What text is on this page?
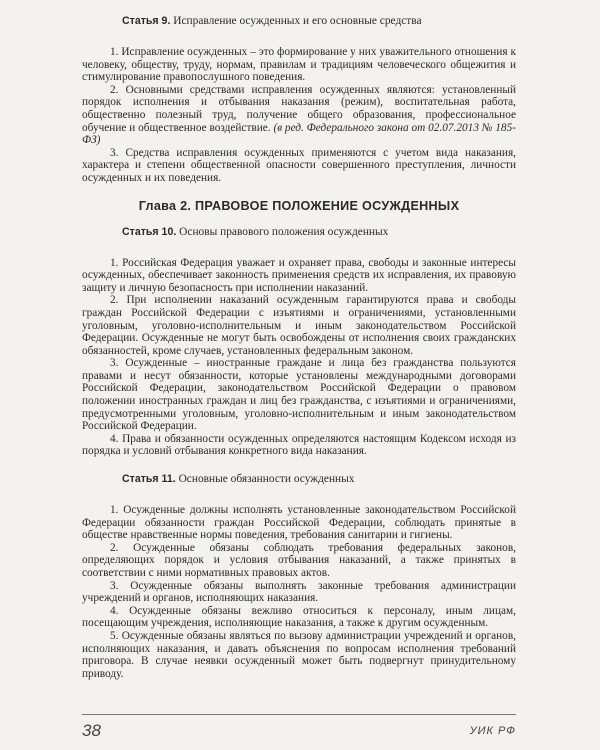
Статья 9. Исправление осужденных и его основные средства

1. Исправление осужденных – это формирование у них уважительного отношения к человеку, обществу, труду, нормам, правилам и традициям человеческого общежития и стимулирование правопослушного поведения.

2. Основными средствами исправления осужденных являются: установленный порядок исполнения и отбывания наказания (режим), воспитательная работа, общественно полезный труд, получение общего образования, профессиональное обучение и общественное воздействие. (в ред. Федерального закона от 02.07.2013 № 185-ФЗ)

3. Средства исправления осужденных применяются с учетом вида наказания, характера и степени общественной опасности совершенного преступления, личности осужденных и их поведения.

Глава 2. ПРАВОВОЕ ПОЛОЖЕНИЕ ОСУЖДЕННЫХ
Статья 10. Основы правового положения осужденных

1. Российская Федерация уважает и охраняет права, свободы и законные интересы осужденных, обеспечивает законность применения средств их исправления, их правовую защиту и личную безопасность при исполнении наказаний.

2. При исполнении наказаний осужденным гарантируются права и свободы граждан Российской Федерации с изъятиями и ограничениями, установленными уголовным, уголовно-исполнительным и иным законодательством Российской Федерации. Осужденные не могут быть освобождены от исполнения своих гражданских обязанностей, кроме случаев, установленных федеральным законом.

3. Осужденные – иностранные граждане и лица без гражданства пользуются правами и несут обязанности, которые установлены международными договорами Российской Федерации, законодательством Российской Федерации о правовом положении иностранных граждан и лиц без гражданства, с изъятиями и ограничениями, предусмотренными уголовным, уголовно-исполнительным и иным законодательством Российской Федерации.

4. Права и обязанности осужденных определяются настоящим Кодексом исходя из порядка и условий отбывания конкретного вида наказания.

Статья 11. Основные обязанности осужденных

1. Осужденные должны исполнять установленные законодательством Российской Федерации обязанности граждан Российской Федерации, соблюдать принятые в обществе нравственные нормы поведения, требования санитарии и гигиены.

2. Осужденные обязаны соблюдать требования федеральных законов, определяющих порядок и условия отбывания наказаний, а также принятых в соответствии с ними нормативных правовых актов.

3. Осужденные обязаны выполнять законные требования администрации учреждений и органов, исполняющих наказания.

4. Осужденные обязаны вежливо относиться к персоналу, иным лицам, посещающим учреждения, исполняющие наказания, а также к другим осужденным.

5. Осужденные обязаны являться по вызову администрации учреждений и органов, исполняющих наказания, и давать объяснения по вопросам исполнения требований приговора. В случае неявки осужденный может быть подвергнут принудительному приводу.

38	УИК РФ
